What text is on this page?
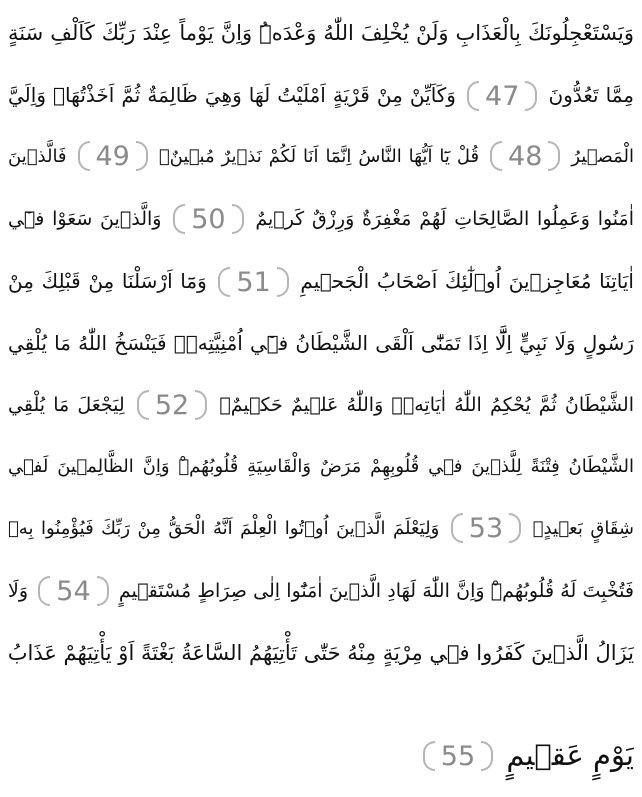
وَيَسْتَعْجِلُونَكَ بِالْعَذَابِ وَلَنْ يُخْلِفَ اللّٰهُ وَعْدَهُۜ وَاِنَّ يَوْماً عِنْدَ رَبِّكَ كَاَلْفِ سَنَةٍ
مِمَّا تَعُدُّونَ 47 وَكَاَيِّنْ مِنْ قَرْيَةٍ اَمْلَيْتُ لَهَا وَهِيَ ظَالِمَةٌ ثُمَّ اَخَذْتُهَاۚ وَاِلَيَّ
الْمَص۪يرُ 48 قُلْ يَٓا اَيُّهَا النَّاسُ اِنَّمَٓا اَنَا لَكُمْ نَذ۪يرٌ مُب۪ينٌۚ 49 فَالَّذ۪ينَ
اٰمَنُوا وَعَمِلُوا الصَّالِحَاتِ لَهُمْ مَغْفِرَةٌ وَرِزْقٌ كَر۪يمٌ 50 وَالَّذ۪ينَ سَعَوْا ف۪ٓي
اٰيَاتِنَا مُعَاجِز۪ينَ اُو۬لٰٓئِكَ اَصْحَابُ الْجَح۪يمِ 51 وَمَٓا اَرْسَلْنَا مِنْ قَبْلِكَ مِنْ
رَسُولٍ وَلَا نَبِيٍّ اِلَّٓا اِذَا تَمَنّٰٓى اَلْقَى الشَّيْطَانُ ف۪ٓي اُمْنِيَّتِه۪ۚ فَيَنْسَخُ اللّٰهُ مَا يُلْقِي
الشَّيْطَانُ ثُمَّ يُحْكِمُ اللّٰهُ اٰيَاتِه۪ۜ وَاللّٰهُ عَل۪يمٌ حَك۪يمٌۙ 52 لِيَجْعَلَ مَا يُلْقِي
الشَّيْطَانُ فِتْنَةً لِلَّذ۪ينَ ف۪ي قُلُوبِهِمْ مَرَضٌ وَالْقَاسِيَةِ قُلُوبُهُمْۜ وَاِنَّ الظَّالِم۪ينَ لَف۪ي
شِقَاقٍ بَع۪يدٍۙ 53 وَلِيَعْلَمَ الَّذ۪ينَ اُو۫تُوا الْعِلْمَ اَنَّهُ الْحَقُّ مِنْ رَبِّكَ فَيُؤْمِنُوا بِه۪
فَتُخْبِتَ لَهُ قُلُوبُهُمْۜ وَاِنَّ اللّٰهَ لَهَادِ الَّذ۪ينَ اٰمَنُٓوا اِلٰى صِرَاطٍ مُسْتَق۪يمٍ 54 وَلَا
يَزَالُ الَّذ۪ينَ كَفَرُوا ف۪ي مِرْيَةٍ مِنْهُ حَتّٰى تَأْتِيَهُمُ السَّاعَةُ بَغْتَةً اَوْ يَأْتِيَهُمْ عَذَابُ
يَوْمٍ عَق۪يمٍ 55
